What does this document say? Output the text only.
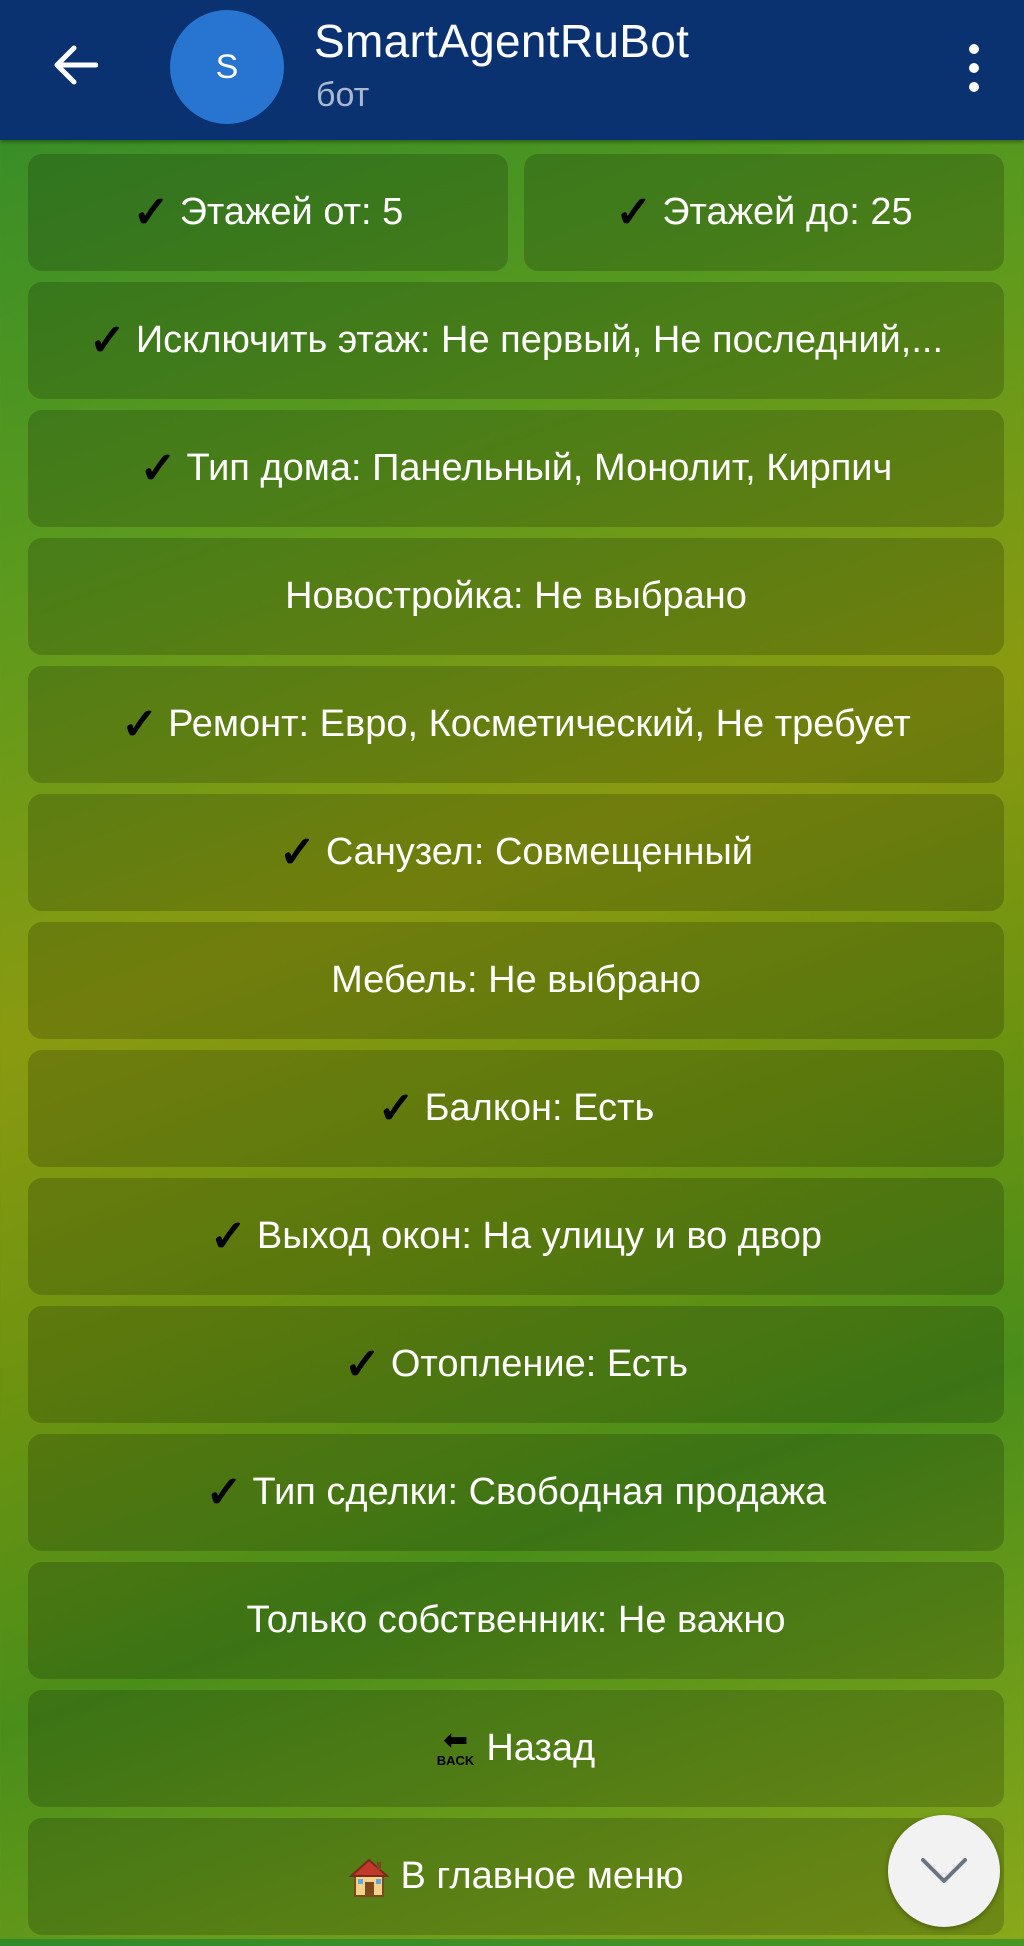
S	SmartAgentRuBot
бот
✓ Этажей от: 5	✓ Этажей до: 25
✓ Исключить этаж: Не первый, Не последний,...
✓ Тип дома: Панельный, Монолит, Кирпич
Новостройка: Не выбрано
✓ Ремонт: Евро, Косметический, Не требует
✓ Санузел: Совмещенный
Мебель: Не выбрано
✓ Балкон: Есть
✓ Выход окон: На улицу и во двор
✓ Отопление: Есть
✓ Тип сделки: Свободная продажа
Только собственник: Не важно
⬅
BACK Назад
В главное меню
